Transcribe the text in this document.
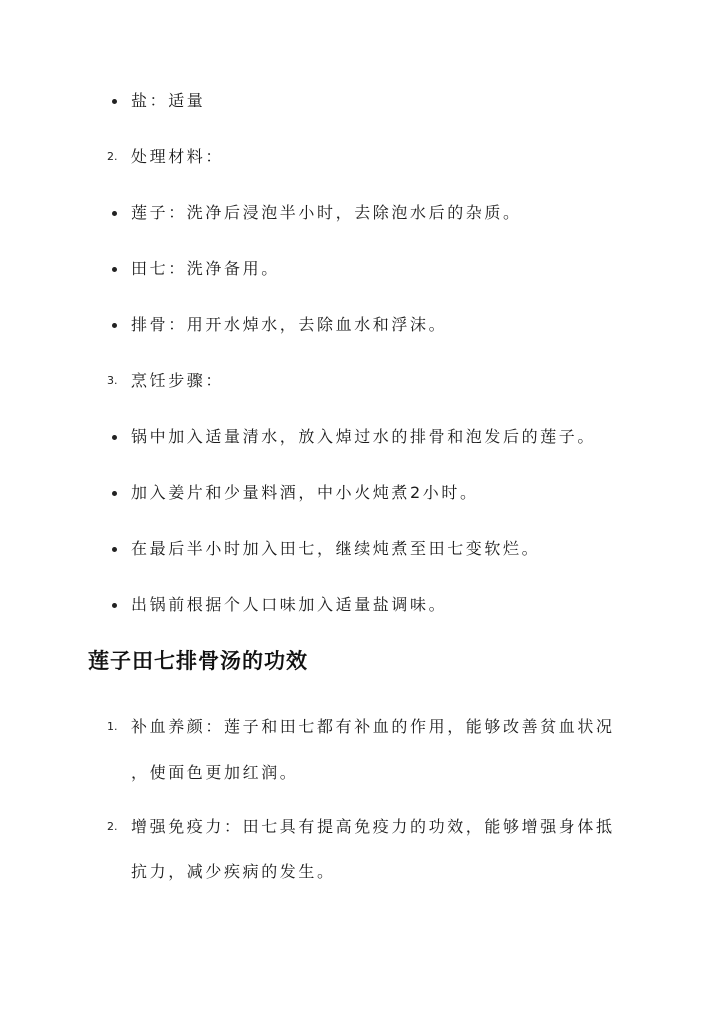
盐：适量
2. 处理材料：
莲子：洗净后浸泡半小时，去除泡水后的杂质。
田七：洗净备用。
排骨：用开水焯水，去除血水和浮沫。
3. 烹饪步骤：
锅中加入适量清水，放入焯过水的排骨和泡发后的莲子。
加入姜片和少量料酒，中小火炖煮2小时。
在最后半小时加入田七，继续炖煮至田七变软烂。
出锅前根据个人口味加入适量盐调味。
莲子田七排骨汤的功效
1. 补血养颜：莲子和田七都有补血的作用，能够改善贫血状况
，使面色更加红润。
2. 增强免疫力：田七具有提高免疫力的功效，能够增强身体抵
抗力，减少疾病的发生。
